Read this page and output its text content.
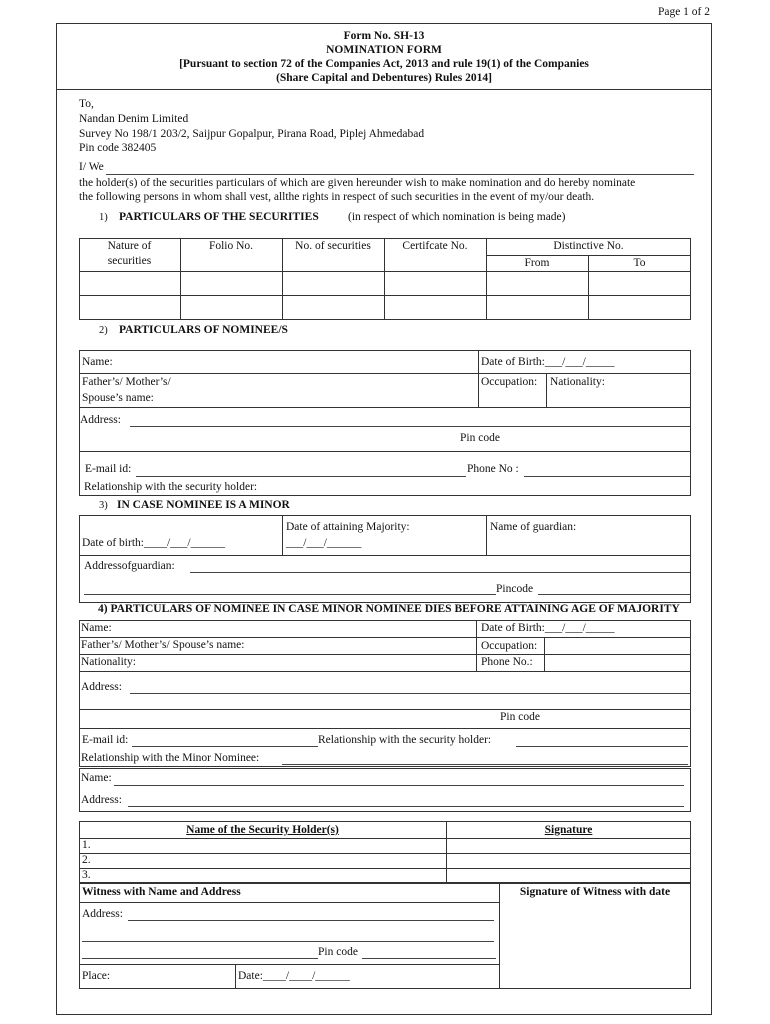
Page 1 of 2
Form No. SH-13
NOMINATION FORM
[Pursuant to section 72 of the Companies Act, 2013 and rule 19(1) of the Companies
(Share Capital and Debentures) Rules 2014]
To,
Nandan Denim Limited
Survey No 198/1 203/2, Saijpur Gopalpur, Pirana Road, Piplej Ahmedabad
Pin code 382405
I/ We
the holder(s) of the securities particulars of which are given hereunder wish to make nomination and do hereby nominate
the following persons in whom shall vest, allthe rights in respect of such securities in the event of my/our death.
1) PARTICULARS OF THE SECURITIES	(in respect of which nomination is being made)
Nature of
securities
Folio No.	No. of securities	Certifcate No.	Distinctive No.
From	To
2) PARTICULARS OF NOMINEE/S
Name:	Date of Birth:___/___/_____
Father’s/ Mother’s/
Spouse’s name:
Occupation: Nationality:
Address:
Pin code
E-mail id:	Phone No :
Relationship with the security holder:
3) IN CASE NOMINEE IS A MINOR
Date of birth:____/___/______
Date of attaining Majority:
___/___/______
Name of guardian:
Addressofguardian:
Pincode
4) PARTICULARS OF NOMINEE IN CASE MINOR NOMINEE DIES BEFORE ATTAINING AGE OF MAJORITY
Name:	Date of Birth:___/___/_____
Father’s/ Mother’s/ Spouse’s name:	Occupation:
Nationality:	Phone No.:
Address:
Pin code
E-mail id:	Relationship with the security holder:
Relationship with the Minor Nominee:
Name:
Address:
Name of the Security Holder(s)	Signature
1.
2.
3.
Witness with Name and Address	Signature of Witness with date
Address:
Pin code
Place:	Date:____/____/______
